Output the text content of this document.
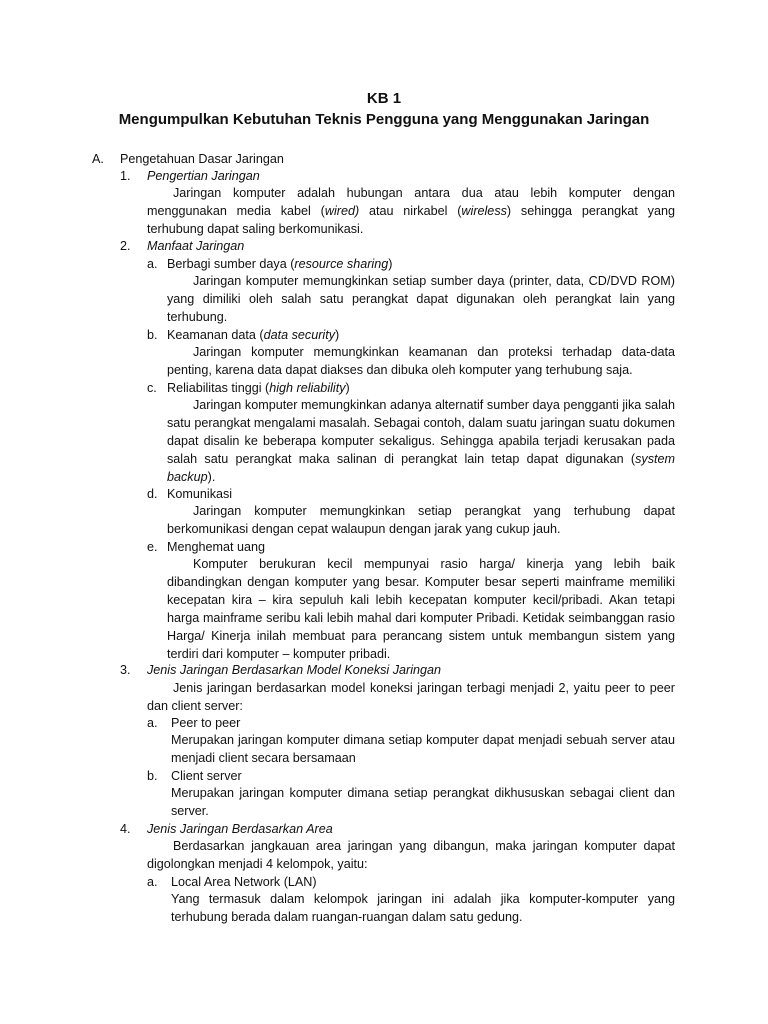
KB 1
Mengumpulkan Kebutuhan Teknis Pengguna yang Menggunakan Jaringan
A. Pengetahuan Dasar Jaringan
1. Pengertian Jaringan
Jaringan komputer adalah hubungan antara dua atau lebih komputer dengan menggunakan media kabel (wired) atau nirkabel (wireless) sehingga perangkat yang terhubung dapat saling berkomunikasi.
2. Manfaat Jaringan
a. Berbagi sumber daya (resource sharing)
Jaringan komputer memungkinkan setiap sumber daya (printer, data, CD/DVD ROM) yang dimiliki oleh salah satu perangkat dapat digunakan oleh perangkat lain yang terhubung.
b. Keamanan data (data security)
Jaringan komputer memungkinkan keamanan dan proteksi terhadap data-data penting, karena data dapat diakses dan dibuka oleh komputer yang terhubung saja.
c. Reliabilitas tinggi (high reliability)
Jaringan komputer memungkinkan adanya alternatif sumber daya pengganti jika salah satu perangkat mengalami masalah. Sebagai contoh, dalam suatu jaringan suatu dokumen dapat disalin ke beberapa komputer sekaligus. Sehingga apabila terjadi kerusakan pada salah satu perangkat maka salinan di perangkat lain tetap dapat digunakan (system backup).
d. Komunikasi
Jaringan komputer memungkinkan setiap perangkat yang terhubung dapat berkomunikasi dengan cepat walaupun dengan jarak yang cukup jauh.
e. Menghemat uang
Komputer berukuran kecil mempunyai rasio harga/ kinerja yang lebih baik dibandingkan dengan komputer yang besar. Komputer besar seperti mainframe memiliki kecepatan kira – kira sepuluh kali lebih kecepatan komputer kecil/pribadi. Akan tetapi harga mainframe seribu kali lebih mahal dari komputer Pribadi. Ketidak seimbanggan rasio Harga/ Kinerja inilah membuat para perancang sistem untuk membangun sistem yang terdiri dari komputer – komputer pribadi.
3. Jenis Jaringan Berdasarkan Model Koneksi Jaringan
Jenis jaringan berdasarkan model koneksi jaringan terbagi menjadi 2, yaitu peer to peer dan client server:
a. Peer to peer
Merupakan jaringan komputer dimana setiap komputer dapat menjadi sebuah server atau menjadi client secara bersamaan
b. Client server
Merupakan jaringan komputer dimana setiap perangkat dikhususkan sebagai client dan server.
4. Jenis Jaringan Berdasarkan Area
Berdasarkan jangkauan area jaringan yang dibangun, maka jaringan komputer dapat digolongkan menjadi 4 kelompok, yaitu:
a. Local Area Network (LAN)
Yang termasuk dalam kelompok jaringan ini adalah jika komputer-komputer yang terhubung berada dalam ruangan-ruangan dalam satu gedung.
